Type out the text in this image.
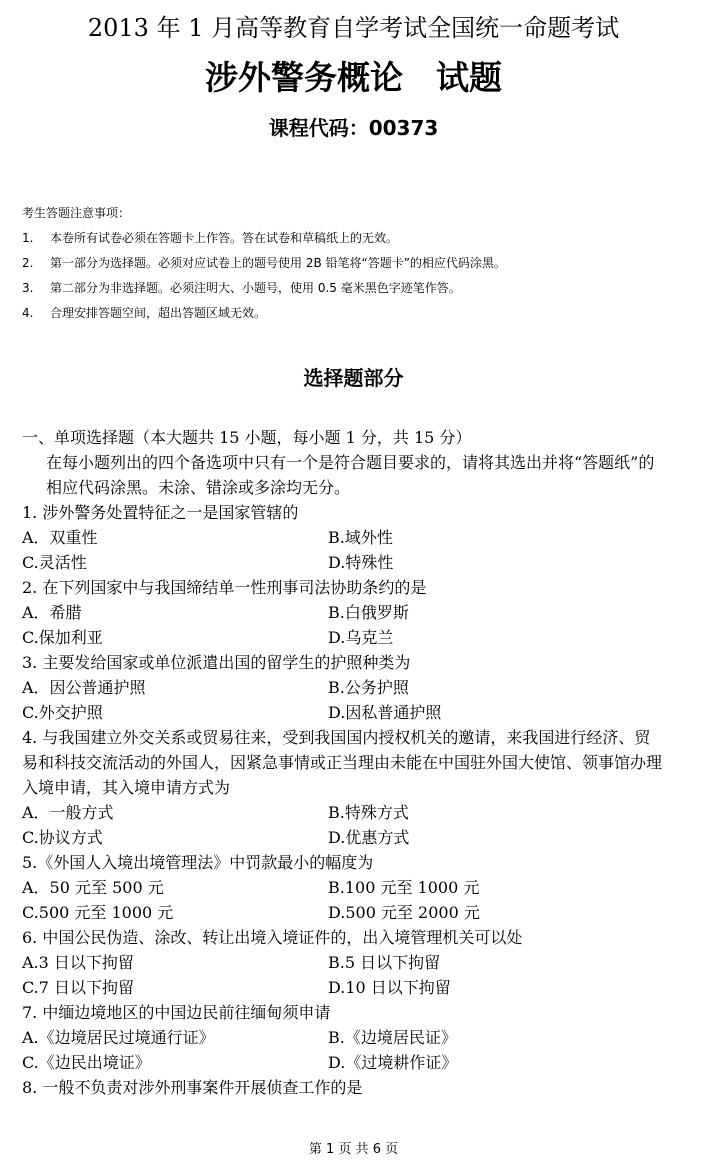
2013 年 1 月高等教育自学考试全国统一命题考试
涉外警务概论　试题
课程代码：00373
考生答题注意事项：
1. 本卷所有试卷必须在答题卡上作答。答在试卷和草稿纸上的无效。
2. 第一部分为选择题。必须对应试卷上的题号使用 2B 铅笔将“答题卡”的相应代码涂黑。
3. 第二部分为非选择题。必须注明大、小题号，使用 0.5 毫米黑色字迹笔作答。
4. 合理安排答题空间，超出答题区域无效。
选择题部分
一、单项选择题（本大题共 15 小题，每小题 1 分，共 15 分）
在每小题列出的四个备选项中只有一个是符合题目要求的，请将其选出并将“答题纸”的
相应代码涂黑。未涂、错涂或多涂均无分。
1. 涉外警务处置特征之一是国家管辖的
A．双重性	B.域外性
C.灵活性	D.特殊性
2. 在下列国家中与我国缔结单一性刑事司法协助条约的是
A．希腊	B.白俄罗斯
C.保加利亚	D.乌克兰
3. 主要发给国家或单位派遣出国的留学生的护照种类为
A．因公普通护照	B.公务护照
C.外交护照	D.因私普通护照
4. 与我国建立外交关系或贸易往来，受到我国国内授权机关的邀请，来我国进行经济、贸
易和科技交流活动的外国人，因紧急事情或正当理由未能在中国驻外国大使馆、领事馆办理
入境申请，其入境申请方式为
A．一般方式	B.特殊方式
C.协议方式	D.优惠方式
5.《外国人入境出境管理法》中罚款最小的幅度为
A．50 元至 500 元	B.100 元至 1000 元
C.500 元至 1000 元	D.500 元至 2000 元
6. 中国公民伪造、涂改、转让出境入境证件的，出入境管理机关可以处
A.3 日以下拘留	B.5 日以下拘留
C.7 日以下拘留	D.10 日以下拘留
7. 中缅边境地区的中国边民前往缅甸须申请
A.《边境居民过境通行证》	B.《边境居民证》
C.《边民出境证》	D.《过境耕作证》
8. 一般不负责对涉外刑事案件开展侦查工作的是
第 1 页 共 6 页
